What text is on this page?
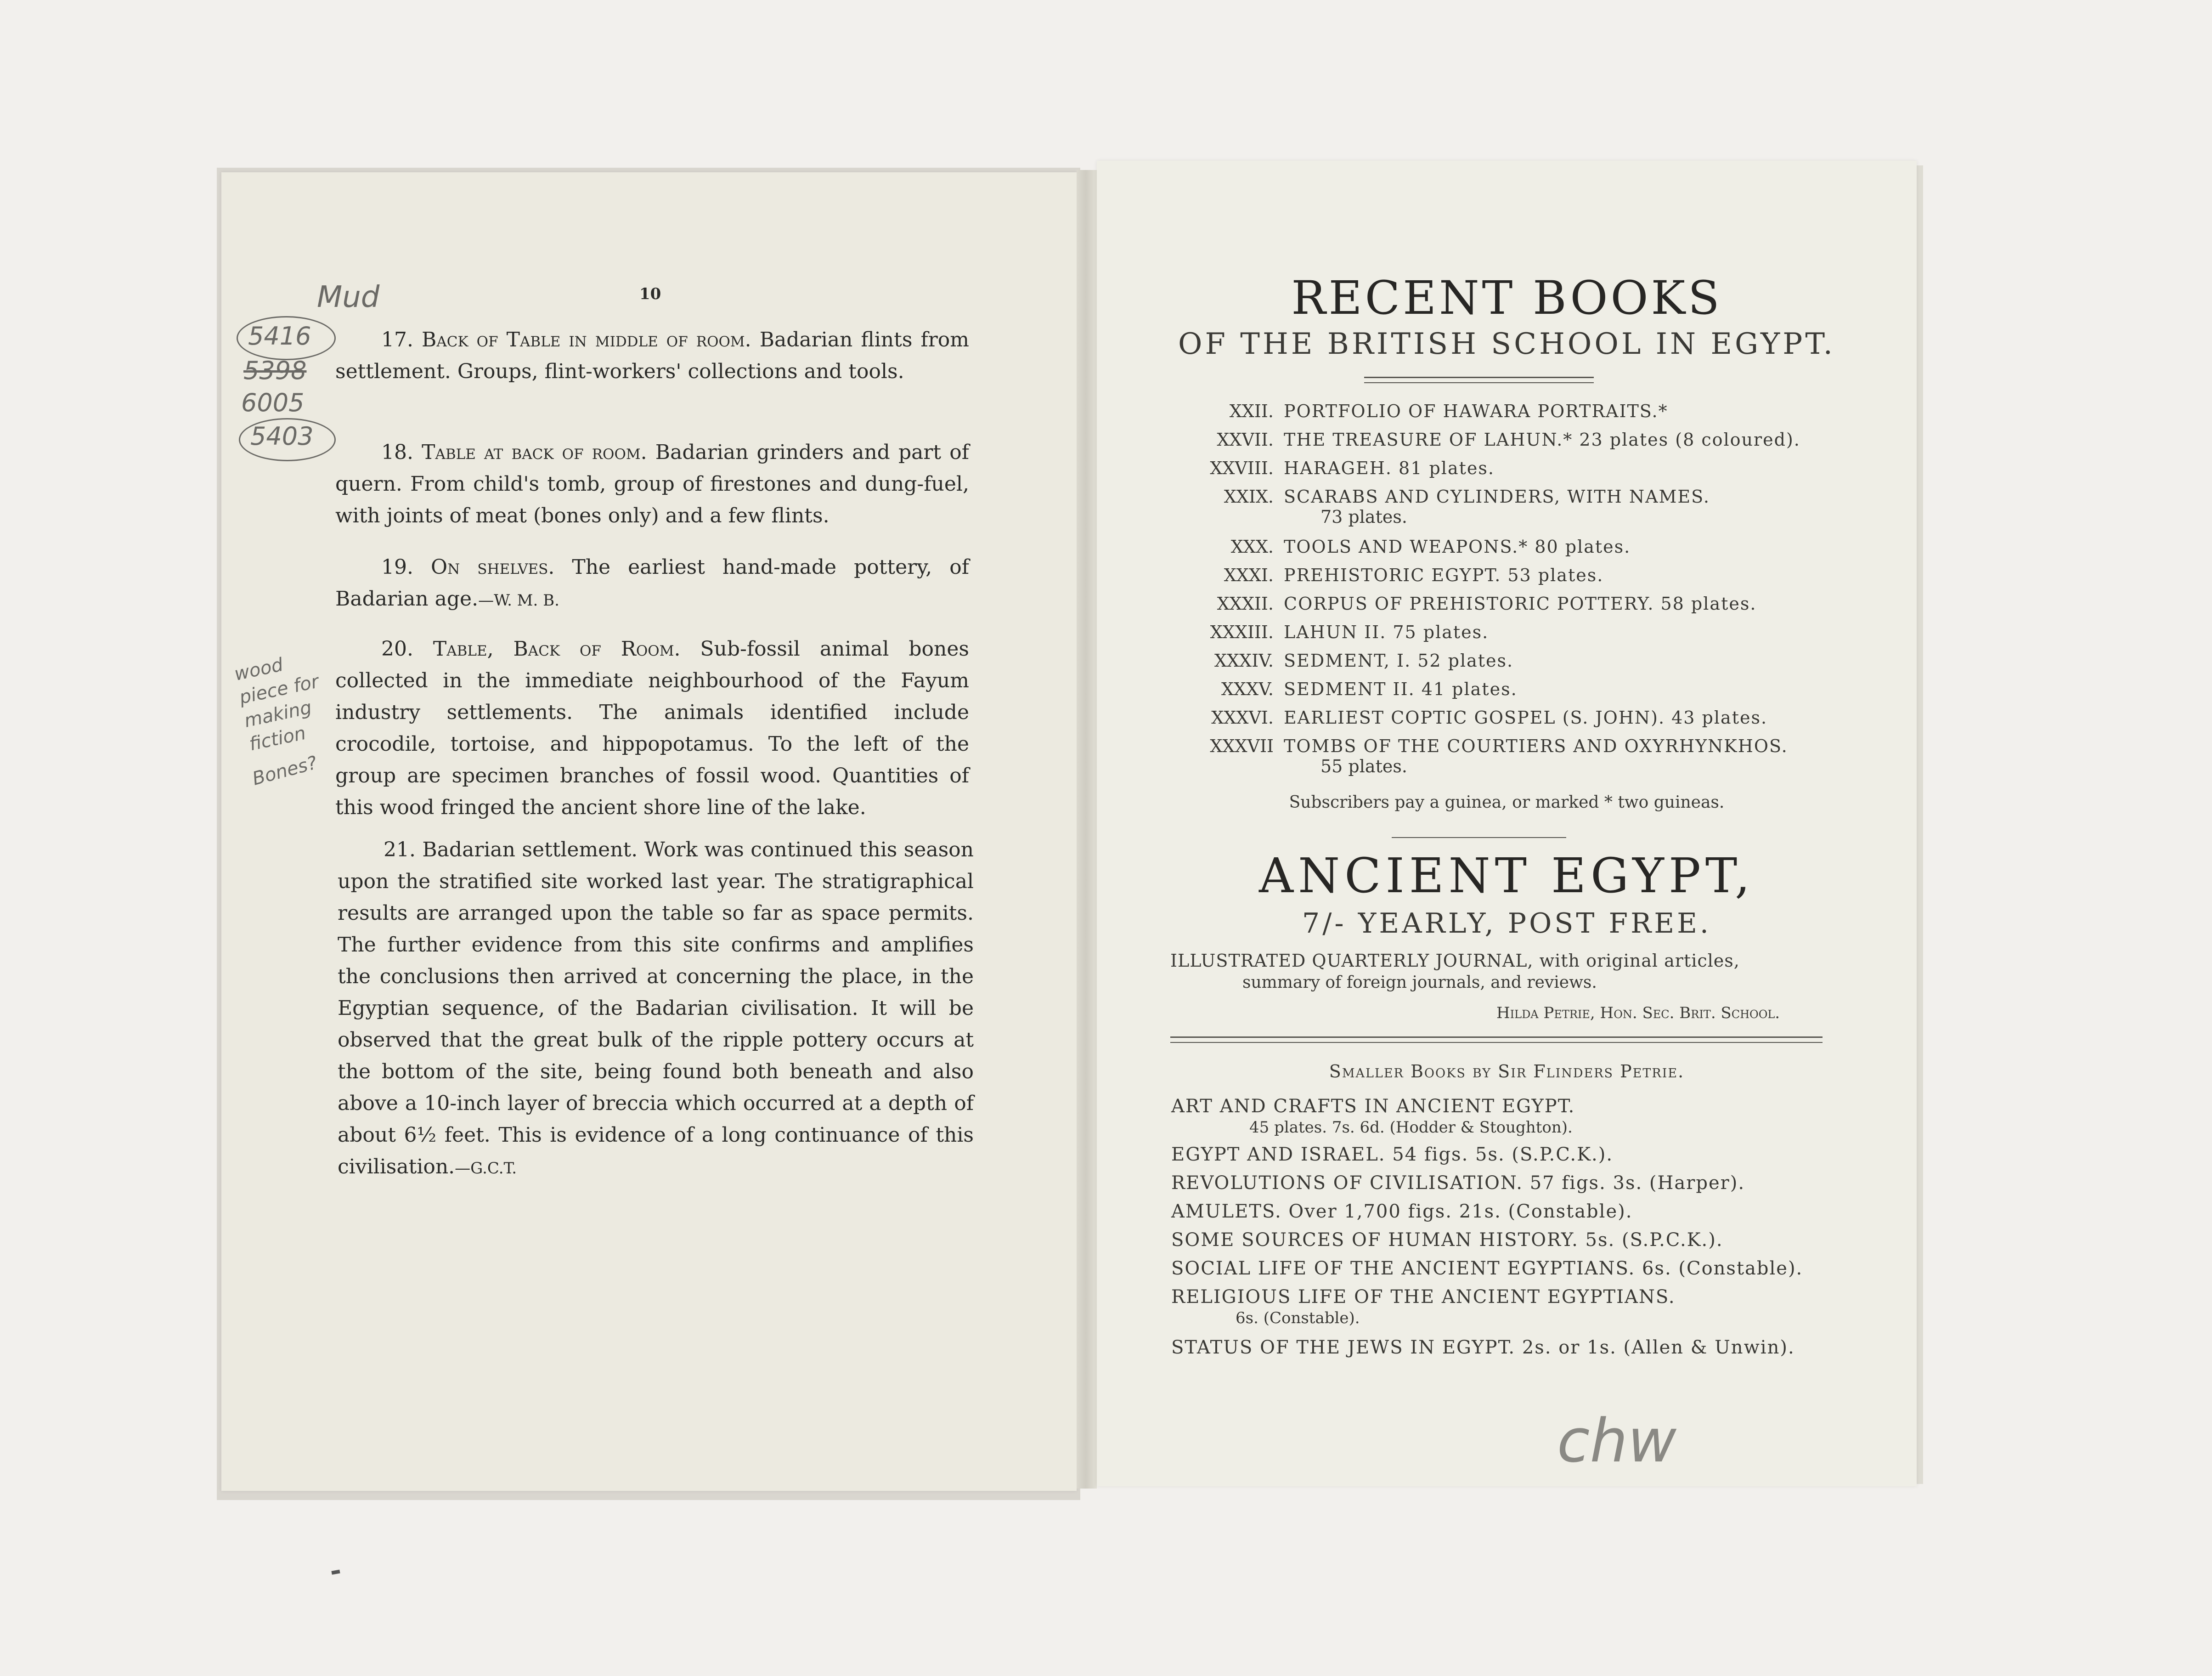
10
17. Back of Table in middle of room. Badarian flints from settlement. Groups, flint-workers' collections and tools.
18. Table at back of room. Badarian grinders and part of quern. From child's tomb, group of firestones and dung-fuel, with joints of meat (bones only) and a few flints.
19. On shelves. The earliest hand-made pottery, of Badarian age.—W. M. B.
20. Table, Back of Room. Sub-fossil animal bones collected in the immediate neighbourhood of the Fayum industry settlements. The animals identified include crocodile, tortoise, and hippopotamus. To the left of the group are specimen branches of fossil wood. Quantities of this wood fringed the ancient shore line of the lake.
21. Badarian settlement. Work was continued this season upon the stratified site worked last year. The stratigraphical results are arranged upon the table so far as space permits. The further evidence from this site confirms and amplifies the conclusions then arrived at concerning the place, in the Egyptian sequence, of the Badarian civilisation. It will be observed that the great bulk of the ripple pottery occurs at the bottom of the site, being found both beneath and also above a 10-inch layer of breccia which occurred at a depth of about 6½ feet. This is evidence of a long continuance of this civilisation.—G.C.T.
Mud
5416
5398
6005
5403
wood piece for making fiction
Bones?
RECENT BOOKS
OF THE BRITISH SCHOOL IN EGYPT.
XXII. PORTFOLIO OF HAWARA PORTRAITS.*
XXVII. THE TREASURE OF LAHUN.* 23 plates (8 coloured).
XXVIII. HARAGEH. 81 plates.
XXIX. SCARABS AND CYLINDERS, WITH NAMES.
73 plates.
XXX. TOOLS AND WEAPONS.* 80 plates.
XXXI. PREHISTORIC EGYPT. 53 plates.
XXXII. CORPUS OF PREHISTORIC POTTERY. 58 plates.
XXXIII. LAHUN II. 75 plates.
XXXIV. SEDMENT, I. 52 plates.
XXXV. SEDMENT II. 41 plates.
XXXVI. EARLIEST COPTIC GOSPEL (S. JOHN). 43 plates.
XXXVII TOMBS OF THE COURTIERS AND OXYRHYNKHOS.
55 plates.
Subscribers pay a guinea, or marked * two guineas.
ANCIENT EGYPT,
7/- YEARLY, POST FREE.
ILLUSTRATED QUARTERLY JOURNAL, with original articles,
summary of foreign journals, and reviews.
Hilda Petrie, Hon. Sec. Brit. School.
Smaller Books by Sir Flinders Petrie.
ART AND CRAFTS IN ANCIENT EGYPT.
45 plates. 7s. 6d. (Hodder & Stoughton).
EGYPT AND ISRAEL. 54 figs. 5s. (S.P.C.K.).
REVOLUTIONS OF CIVILISATION. 57 figs. 3s. (Harper).
AMULETS. Over 1,700 figs. 21s. (Constable).
SOME SOURCES OF HUMAN HISTORY. 5s. (S.P.C.K.).
SOCIAL LIFE OF THE ANCIENT EGYPTIANS. 6s. (Constable).
RELIGIOUS LIFE OF THE ANCIENT EGYPTIANS.
6s. (Constable).
STATUS OF THE JEWS IN EGYPT. 2s. or 1s. (Allen & Unwin).
chw
